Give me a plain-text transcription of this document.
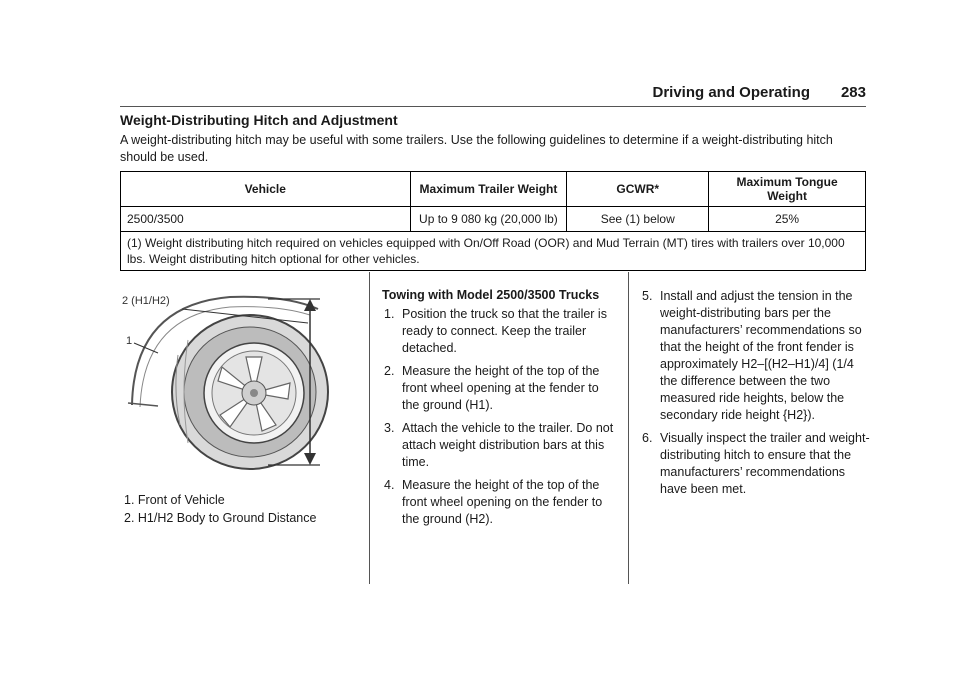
Driving and Operating 283
Weight-Distributing Hitch and Adjustment

A weight-distributing hitch may be useful with some trailers. Use the following guidelines to determine if a weight-distributing hitch should be used.

Vehicle	Maximum Trailer Weight	GCWR*	Maximum Tongue Weight
2500/3500	Up to 9 080 kg (20,000 lb)	See (1) below	25%
(1) Weight distributing hitch required on vehicles equipped with On/Off Road (OOR) and Mud Terrain (MT) tires with trailers over 10,000 lbs. Weight distributing hitch optional for other vehicles.			
2 (H1/H2)
1
1. Front of Vehicle
2. H1/H2 Body to Ground Distance
Towing with Model 2500/3500 Trucks
1. Position the truck so that the trailer is ready to connect. Keep the trailer detached.
2. Measure the height of the top of the front wheel opening at the fender to the ground (H1).
3. Attach the vehicle to the trailer. Do not attach weight distribution bars at this time.
4. Measure the height of the top of the front wheel opening on the fender to the ground (H2).
5. Install and adjust the tension in the weight-distributing bars per the manufacturers’ recommendations so that the height of the front fender is approximately H2–[(H2–H1)/4] (1/4 the difference between the two measured ride heights, below the secondary ride height {H2}).
6. Visually inspect the trailer and weight-distributing hitch to ensure that the manufacturers’ recommendations have been met.
